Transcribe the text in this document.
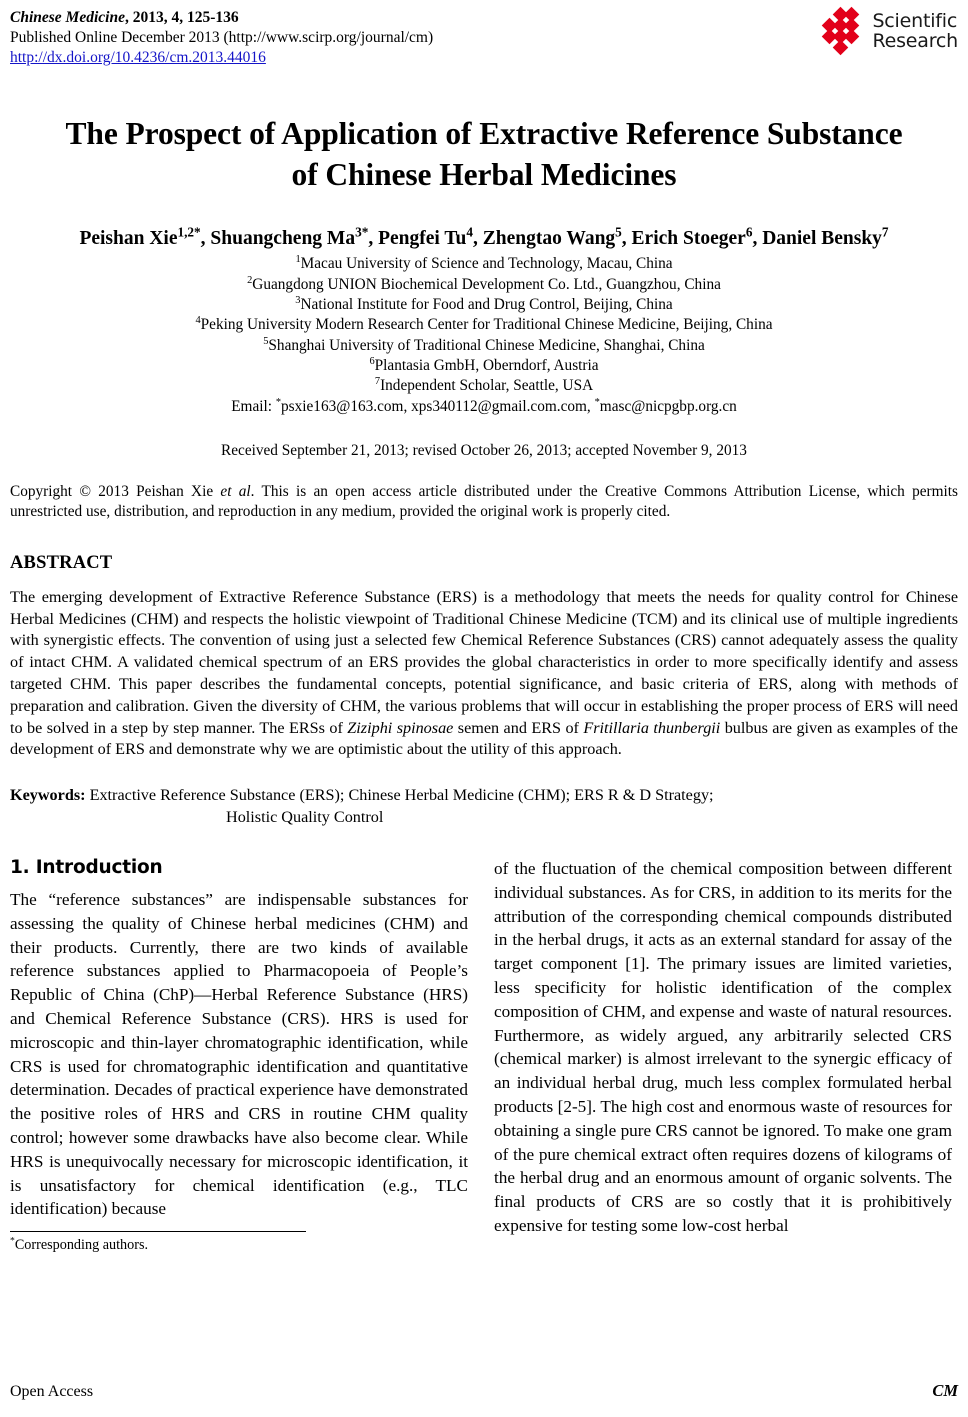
Chinese Medicine, 2013, 4, 125-136
Published Online December 2013 (http://www.scirp.org/journal/cm)
http://dx.doi.org/10.4236/cm.2013.44016
Scientific
Research
The Prospect of Application of Extractive Reference Substance of Chinese Herbal Medicines
Peishan Xie$^{1,2*}$, Shuangcheng $Ma^{3*}$, Pengfei Tu$^4$, Zhengtao Wang$^5$, Erich Stoeger$^6$, Daniel Bensky$^7$
$^1$Macau University of Science and Technology, Macau, China
$^2$Guangdong UNION Biochemical Development Co. Ltd., Guangzhou, China
$^3$National Institute for Food and Drug Control, Beijing, China
$^4$Peking University Modern Research Center for Traditional Chinese Medicine, Beijing, China
$^5$Shanghai University of Traditional Chinese Medicine, Shanghai, China
$^6$Plantasia GmbH, Oberndorf, Austria
$^7$Independent Scholar, Seattle, USA
Email: *psxie163@163.com, xps340112@gmail.com.com, *masc@nicpgbp.org.cn
Received September 21, 2013; revised October 26, 2013; accepted November 9, 2013
Copyright © 2013 Peishan Xie et al. This is an open access article distributed under the Creative Commons Attribution License, which permits unrestricted use, distribution, and reproduction in any medium, provided the original work is properly cited.
ABSTRACT
The emerging development of Extractive Reference Substance (ERS) is a methodology that meets the needs for quality control for Chinese Herbal Medicines (CHM) and respects the holistic viewpoint of Traditional Chinese Medicine (TCM) and its clinical use of multiple ingredients with synergistic effects. The convention of using just a selected few Chemical Reference Substances (CRS) cannot adequately assess the quality of intact CHM. A validated chemical spectrum of an ERS provides the global characteristics in order to more specifically identify and assess targeted CHM. This paper describes the fundamental concepts, potential significance, and basic criteria of ERS, along with methods of preparation and calibration. Given the diversity of CHM, the various problems that will occur in establishing the proper process of ERS will need to be solved in a step by step manner. The ERSs of Ziziphi spinosae semen and ERS of Fritillaria thunbergii bulbus are given as examples of the development of ERS and demonstrate why we are optimistic about the utility of this approach.
Keywords: Extractive Reference Substance (ERS); Chinese Herbal Medicine (CHM); ERS R & D Strategy;
Holistic Quality Control
1. Introduction

The “reference substances” are indispensable substances for assessing the quality of Chinese herbal medicines (CHM) and their products. Currently, there are two kinds of available reference substances applied to Pharmacopoeia of People’s Republic of China (ChP)—Herbal Reference Substance (HRS) and Chemical Reference Substance (CRS). HRS is used for microscopic and thin-layer chromatographic identification, while CRS is used for chromatographic identification and quantitative determination. Decades of practical experience have demonstrated the positive roles of HRS and CRS in routine CHM quality control; however some drawbacks have also become clear. While HRS is unequivocally necessary for microscopic identification, it is unsatisfactory for chemical identification (e.g., TLC identification) because

*Corresponding authors.

of the fluctuation of the chemical composition between different individual substances. As for CRS, in addition to its merits for the attribution of the corresponding chemical compounds distributed in the herbal drugs, it acts as an external standard for assay of the target component [1]. The primary issues are limited varieties, less specificity for holistic identification of the complex composition of CHM, and expense and waste of natural resources. Furthermore, as widely argued, any arbitrarily selected CRS (chemical marker) is almost irrelevant to the synergic efficacy of an individual herbal drug, much less complex formulated herbal products [2-5]. The high cost and enormous waste of resources for obtaining a single pure CRS cannot be ignored. To make one gram of the pure chemical extract often requires dozens of kilograms of the herbal drug and an enormous amount of organic solvents. The final products of CRS are so costly that it is prohibitively expensive for testing some low-cost herbal

Open Access	CM
